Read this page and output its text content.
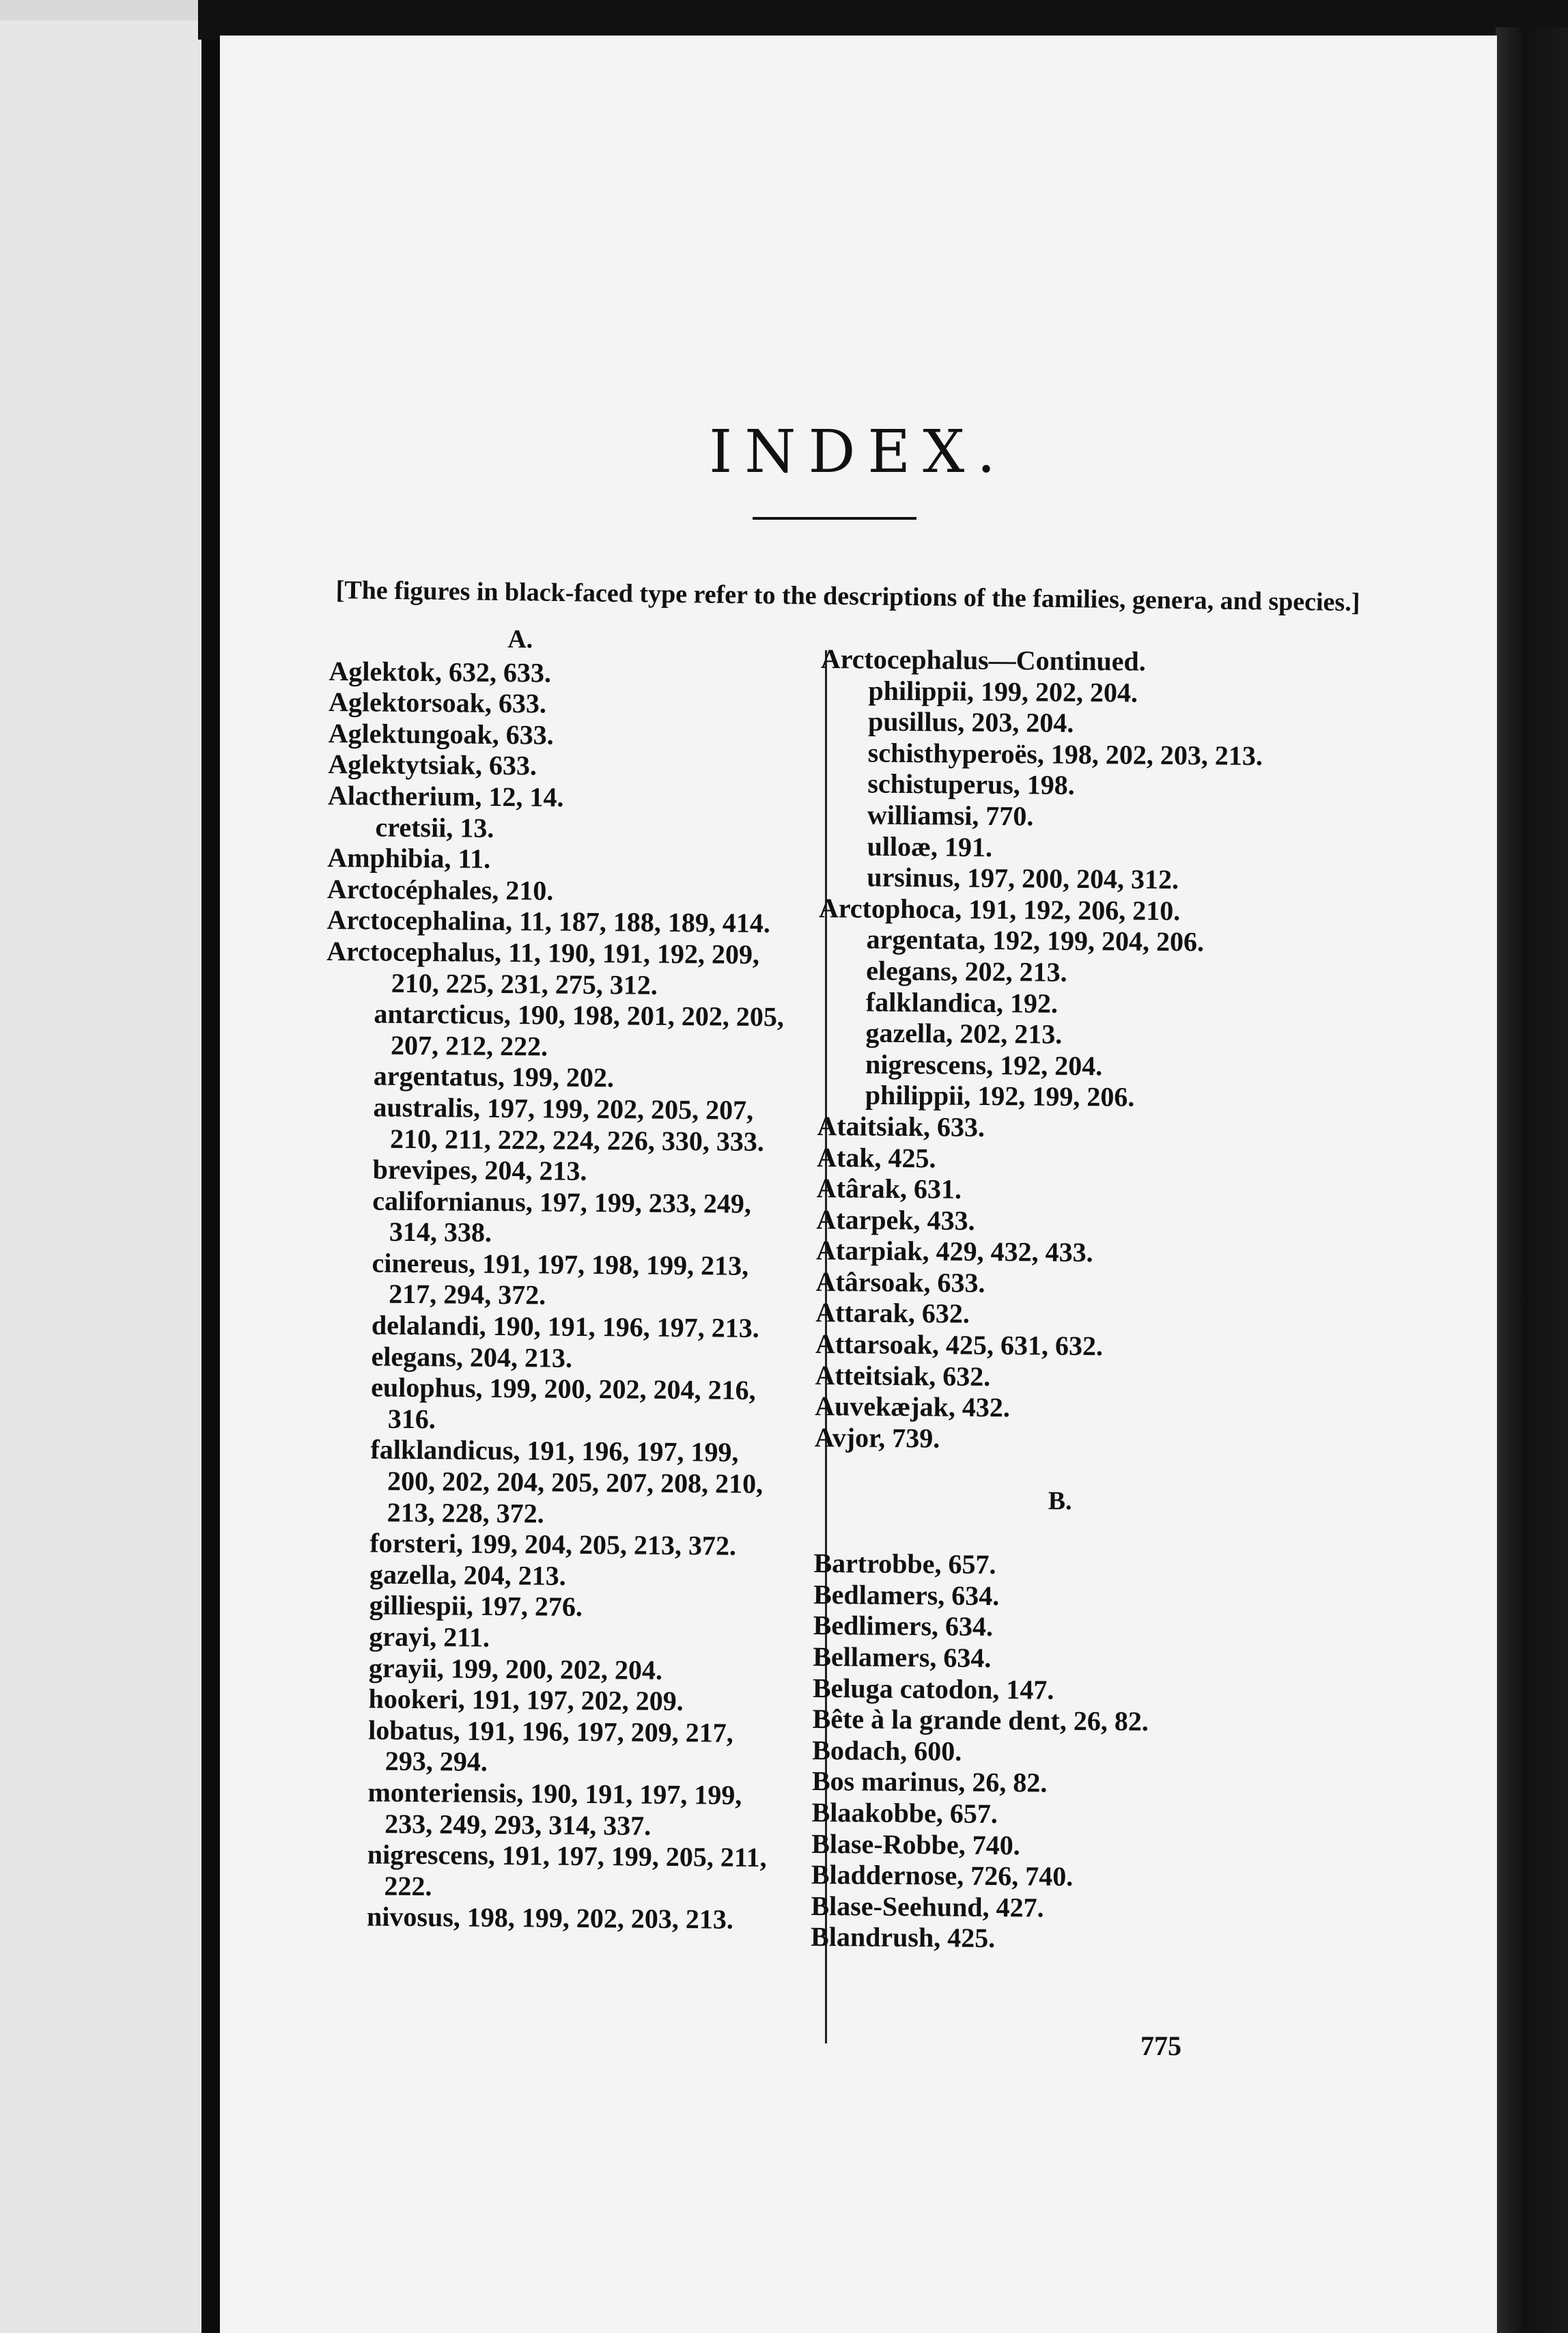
INDEX.
[The figures in black-faced type refer to the descriptions of the families, genera, and species.]
A.
Aglektok, 632, 633.
Aglektorsoak, 633.
Aglektungoak, 633.
Aglektytsiak, 633.
Alactherium, 12, 14.
cretsii, 13.
Amphibia, 11.
Arctocéphales, 210.
Arctocephalina, 11, 187, 188, 189, 414.
Arctocephalus, 11, 190, 191, 192, 209,
210, 225, 231, 275, 312.
antarcticus, 190, 198, 201, 202, 205,
207, 212, 222.
argentatus, 199, 202.
australis, 197, 199, 202, 205, 207,
210, 211, 222, 224, 226, 330, 333.
brevipes, 204, 213.
californianus, 197, 199, 233, 249,
314, 338.
cinereus, 191, 197, 198, 199, 213,
217, 294, 372.
delalandi, 190, 191, 196, 197, 213.
elegans, 204, 213.
eulophus, 199, 200, 202, 204, 216,
316.
falklandicus, 191, 196, 197, 199,
200, 202, 204, 205, 207, 208, 210,
213, 228, 372.
forsteri, 199, 204, 205, 213, 372.
gazella, 204, 213.
gilliespii, 197, 276.
grayi, 211.
grayii, 199, 200, 202, 204.
hookeri, 191, 197, 202, 209.
lobatus, 191, 196, 197, 209, 217,
293, 294.
monteriensis, 190, 191, 197, 199,
233, 249, 293, 314, 337.
nigrescens, 191, 197, 199, 205, 211,
222.
nivosus, 198, 199, 202, 203, 213.
Arctocephalus—Continued.
philippii, 199, 202, 204.
pusillus, 203, 204.
schisthyperoës, 198, 202, 203, 213.
schistuperus, 198.
williamsi, 770.
ulloæ, 191.
ursinus, 197, 200, 204, 312.
Arctophoca, 191, 192, 206, 210.
argentata, 192, 199, 204, 206.
elegans, 202, 213.
falklandica, 192.
gazella, 202, 213.
nigrescens, 192, 204.
philippii, 192, 199, 206.
Ataitsiak, 633.
Atak, 425.
Atârak, 631.
Atarpek, 433.
Atarpiak, 429, 432, 433.
Atârsoak, 633.
Attarak, 632.
Attarsoak, 425, 631, 632.
Atteitsiak, 632.
Auvekæjak, 432.
Avjor, 739.
B.
Bartrobbe, 657.
Bedlamers, 634.
Bedlimers, 634.
Bellamers, 634.
Beluga catodon, 147.
Bête à la grande dent, 26, 82.
Bodach, 600.
Bos marinus, 26, 82.
Blaakobbe, 657.
Blase-Robbe, 740.
Bladdernose, 726, 740.
Blase-Seehund, 427.
Blandrush, 425.
775
